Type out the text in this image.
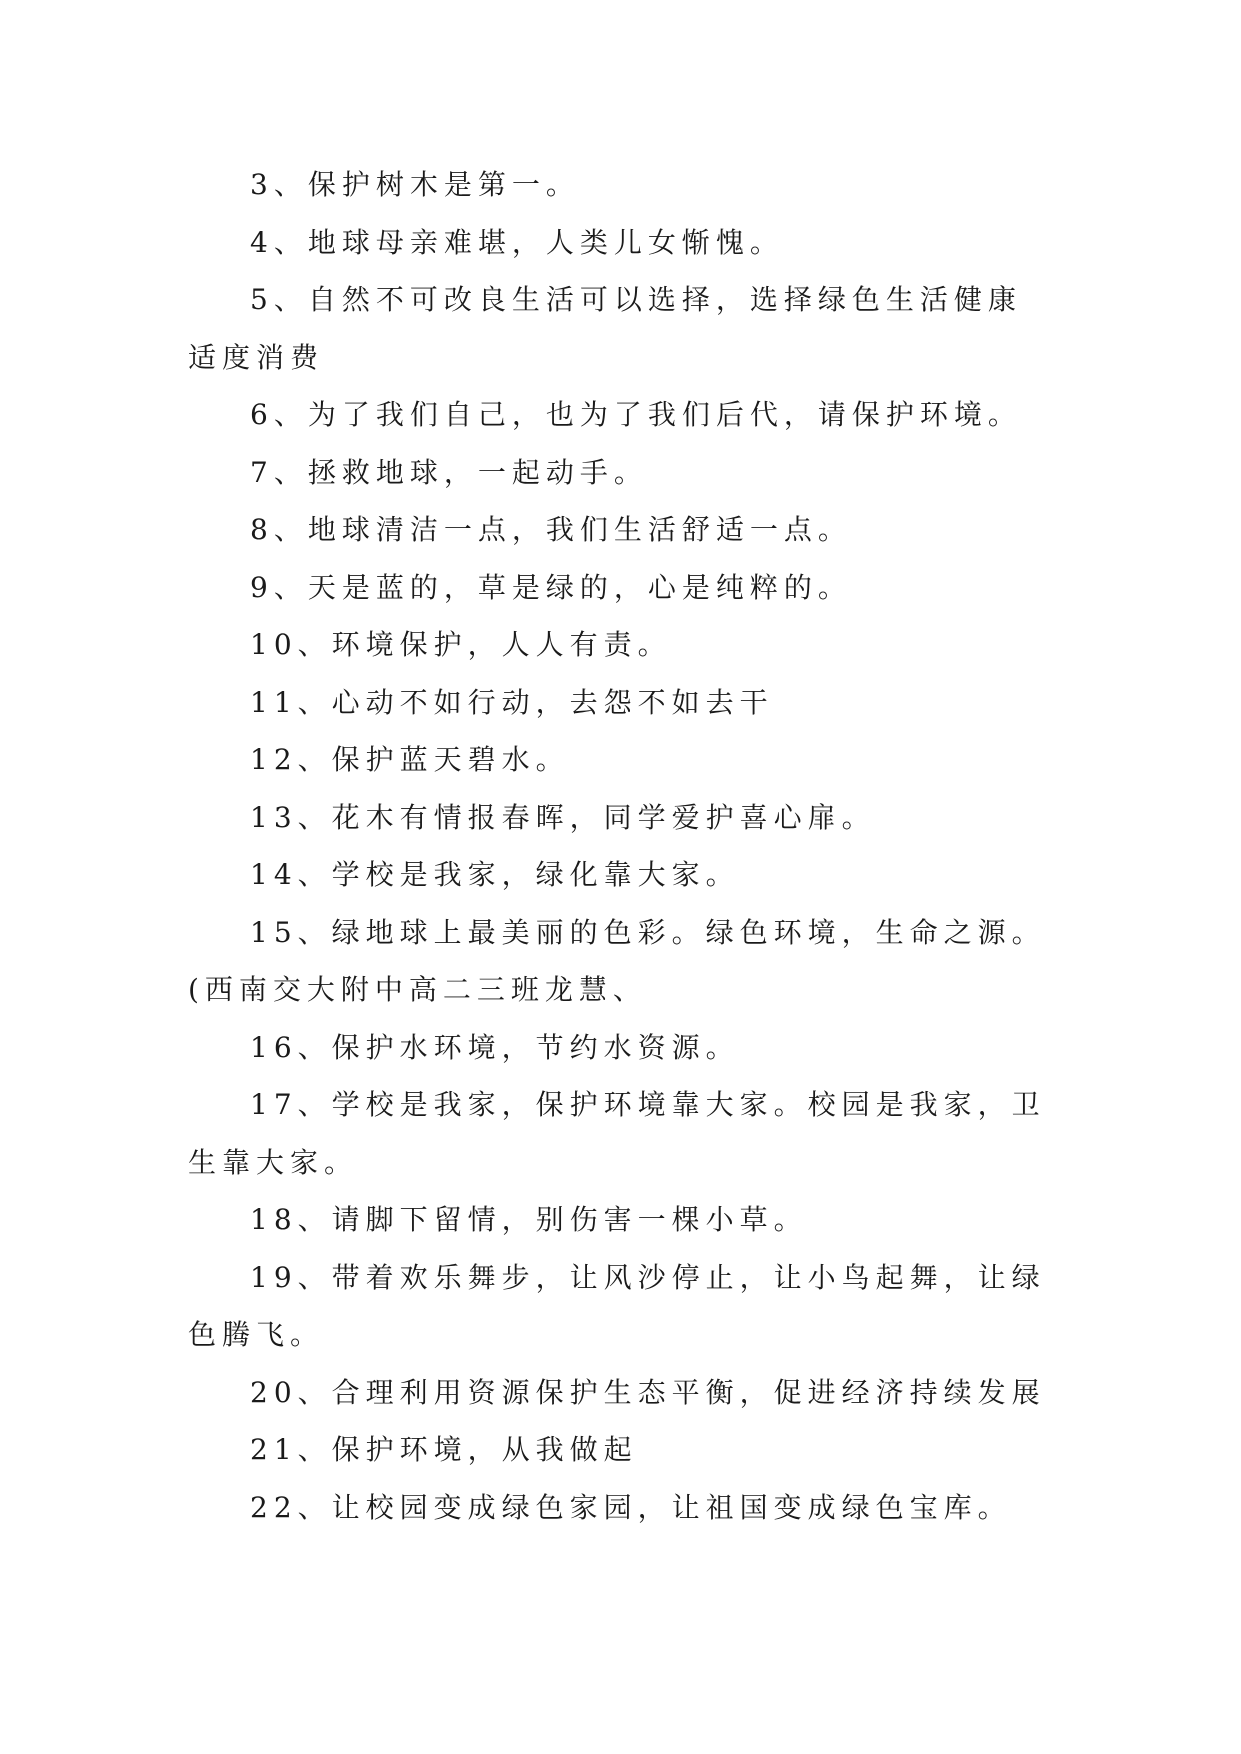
3、保护树木是第一。

4、地球母亲难堪，人类儿女惭愧。

5、自然不可改良生活可以选择，选择绿色生活健康适度消费

6、为了我们自己，也为了我们后代，请保护环境。

7、拯救地球，一起动手。

8、地球清洁一点，我们生活舒适一点。

9、天是蓝的，草是绿的，心是纯粹的。

10、环境保护，人人有责。

11、心动不如行动，去怨不如去干

12、保护蓝天碧水。

13、花木有情报春晖，同学爱护喜心扉。

14、学校是我家，绿化靠大家。

15、绿地球上最美丽的色彩。绿色环境，生命之源。(西南交大附中高二三班龙慧、

16、保护水环境，节约水资源。

17、学校是我家，保护环境靠大家。校园是我家，卫生靠大家。

18、请脚下留情，别伤害一棵小草。

19、带着欢乐舞步，让风沙停止，让小鸟起舞，让绿色腾飞。

20、合理利用资源保护生态平衡，促进经济持续发展

21、保护环境，从我做起

22、让校园变成绿色家园，让祖国变成绿色宝库。
